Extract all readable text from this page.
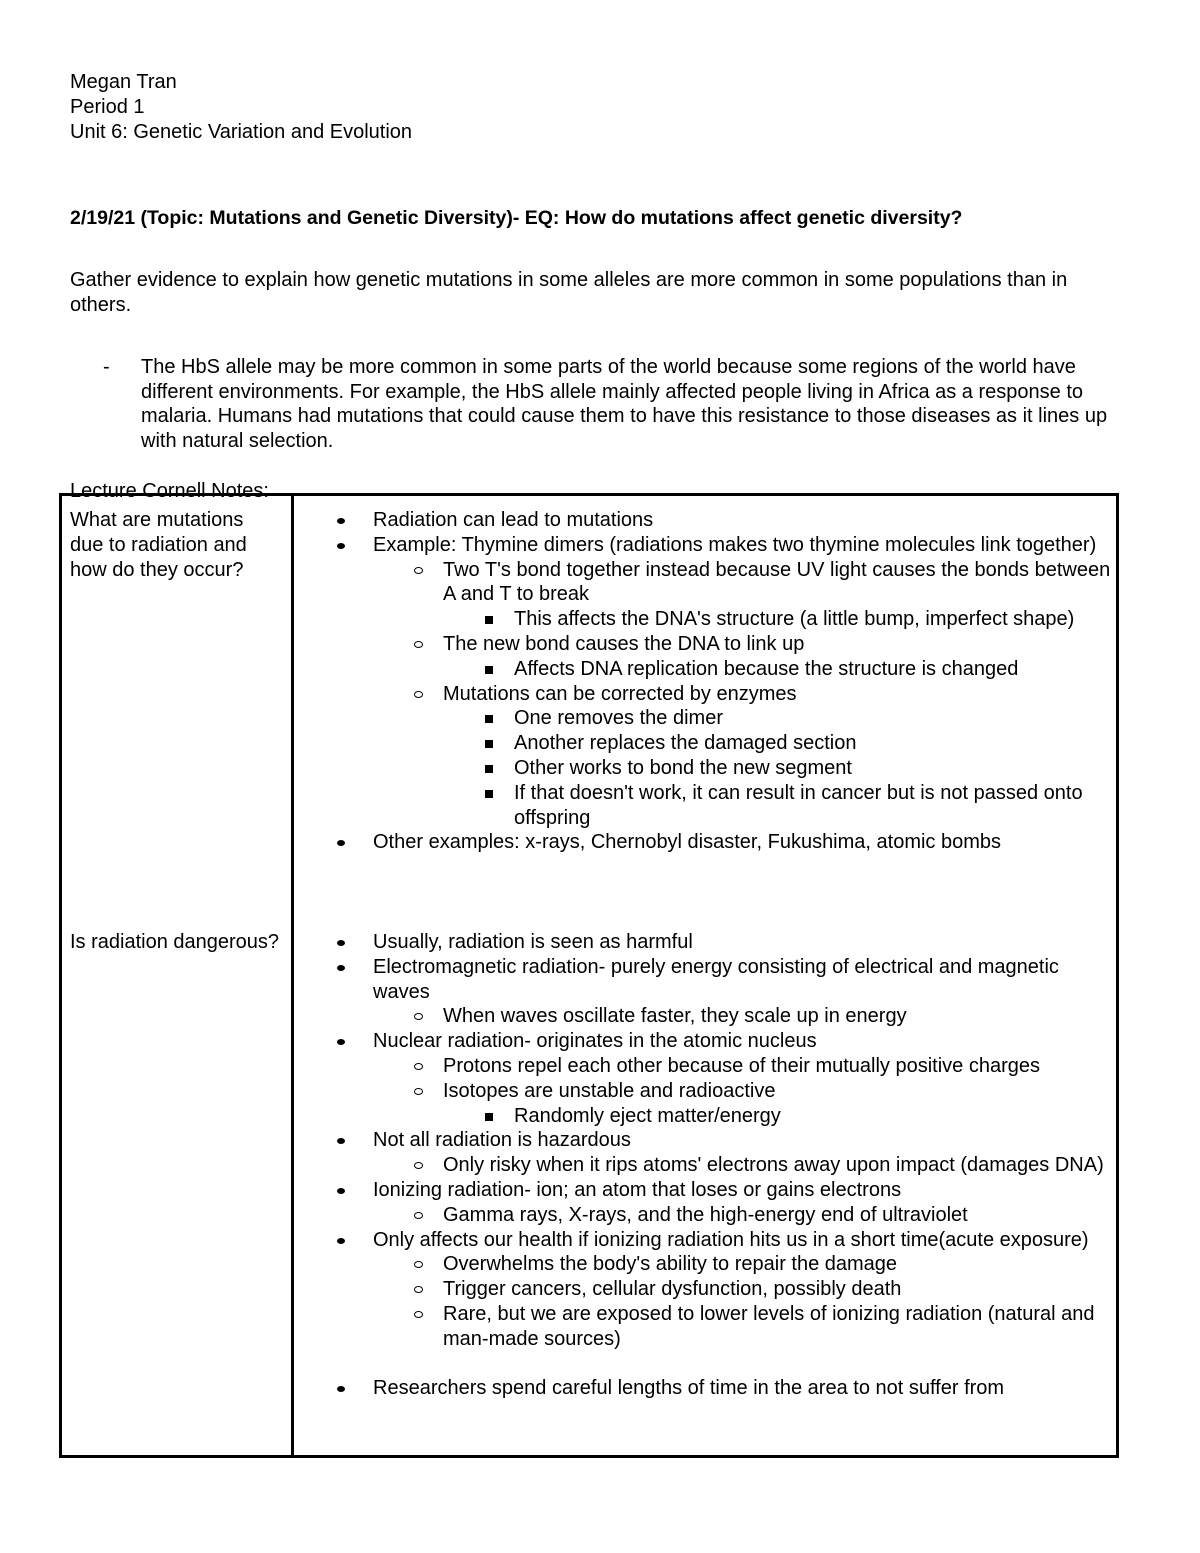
Megan Tran
Period 1
Unit 6: Genetic Variation and Evolution
2/19/21 (Topic: Mutations and Genetic Diversity)- EQ: How do mutations affect genetic diversity?
Gather evidence to explain how genetic mutations in some alleles are more common in some populations than in others.
- The HbS allele may be more common in some parts of the world because some regions of the world have different environments. For example, the HbS allele mainly affected people living in Africa as a response to malaria. Humans had mutations that could cause them to have this resistance to those diseases as it lines up with natural selection.
Lecture Cornell Notes:
What are mutations due to radiation and how do they occur?
Is radiation dangerous?
Radiation can lead to mutations
Example: Thymine dimers (radiations makes two thymine molecules link together)
Two T's bond together instead because UV light causes the bonds between A and T to break
This affects the DNA's structure (a little bump, imperfect shape)
The new bond causes the DNA to link up
Affects DNA replication because the structure is changed
Mutations can be corrected by enzymes
One removes the dimer
Another replaces the damaged section
Other works to bond the new segment
If that doesn't work, it can result in cancer but is not passed onto offspring
Other examples: x-rays, Chernobyl disaster, Fukushima, atomic bombs
Usually, radiation is seen as harmful
Electromagnetic radiation- purely energy consisting of electrical and magnetic waves
When waves oscillate faster, they scale up in energy
Nuclear radiation- originates in the atomic nucleus
Protons repel each other because of their mutually positive charges
Isotopes are unstable and radioactive
Randomly eject matter/energy
Not all radiation is hazardous
Only risky when it rips atoms' electrons away upon impact (damages DNA)
Ionizing radiation- ion; an atom that loses or gains electrons
Gamma rays, X-rays, and the high-energy end of ultraviolet
Only affects our health if ionizing radiation hits us in a short time(acute exposure)
Overwhelms the body's ability to repair the damage
Trigger cancers, cellular dysfunction, possibly death
Rare, but we are exposed to lower levels of ionizing radiation (natural and man-made sources)
Researchers spend careful lengths of time in the area to not suffer from
